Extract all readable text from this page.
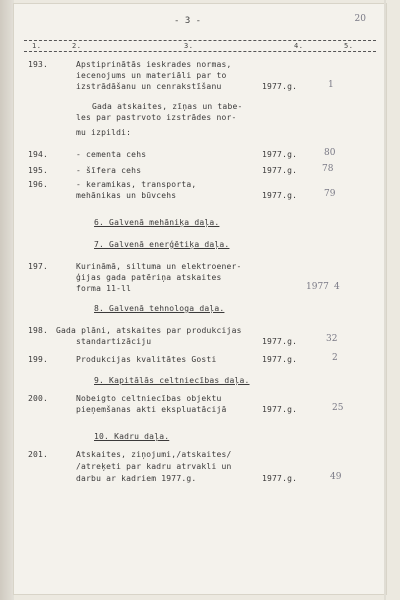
- 3 -	20
1.	2.	3.	4.	5.
193.	Apstiprinātās ieskrades normas,
iecenojums un materiāli par to
izstrādāšanu un cenrakstīšanu	1977.g.	1
Gada atskaites, zīņas un tabe-
les par pastrvoto izstrādes nor-
mu izpildi:
194.	- cementa cehs	1977.g.	80
195.	- šīfera cehs	1977.g.	78
196.	- keramikas, transporta,
mehānikas un būvcehs	1977.g.	79
6. Galvenā mehāniķa daļa.
7. Galvenā enerģētiķa daļa.
197.	Kurināmā, siltuma un elektroener-
ģijas gada patēriņa atskaites
forma 11-ll	1977 4
8. Galvenā tehnologa daļa.
198. Gada plāni, atskaites par produkcijas
standartizāciju	1977.g.	32
199.	Produkcijas kvalitātes Gosti	1977.g.	2
9. Kapitālās celtniecības daļa.
200.	Nobeigto celtniecības objektu
pieņemšanas akti ekspluatācijā	1977.g.	25
10. Kadru daļa.
201.	Atskaites, ziņojumi,/atskaites/
/atreķeti par kadru atrvakli un
darbu ar kadriem 1977.g.	1977.g.	49
